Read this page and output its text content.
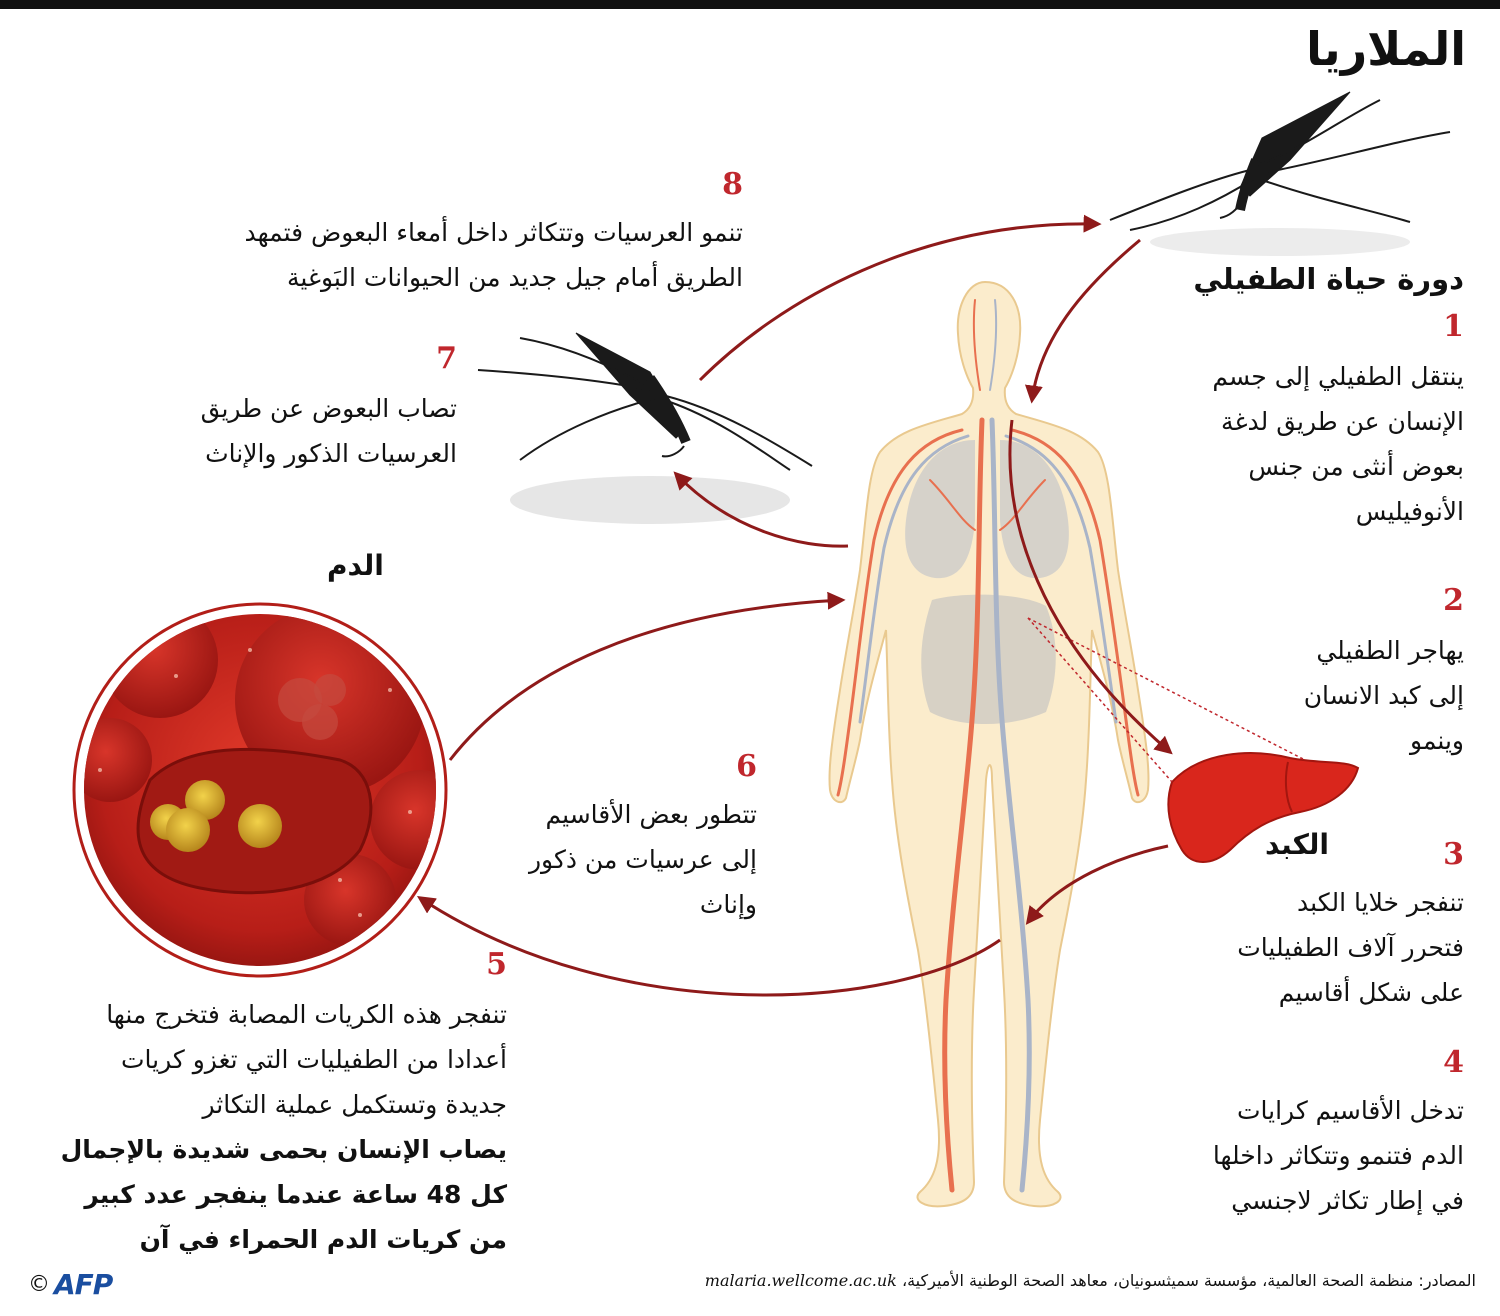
الملاريا
دورة حياة الطفيلي
الدم
الكبد
1

ينتقل الطفيلي إلى جسم
الإنسان عن طريق لدغة
بعوض أنثى من جنس
الأنوفيليس

2

يهاجر الطفيلي
إلى كبد الانسان
وينمو

3

تنفجر خلايا الكبد
فتحرر آلاف الطفيليات
على شكل أقاسيم

4

تدخل الأقاسيم كرايات
الدم فتنمو وتتكاثر داخلها
في إطار تكاثر لاجنسي

5

تنفجر هذه الكريات المصابة فتخرج منها
أعدادا من الطفيليات التي تغزو كريات
جديدة وتستكمل عملية التكاثر

يصاب الإنسان بحمى شديدة بالإجمال
كل 48 ساعة عندما ينفجر عدد كبير
من كريات الدم الحمراء في آن

6

تتطور بعض الأقاسيم
إلى عرسيات من ذكور
وإناث

7

تصاب البعوض عن طريق
العرسيات الذكور والإناث

8

تنمو العرسيات وتتكاثر داخل أمعاء البعوض فتمهد
الطريق أمام جيل جديد من الحيوانات البَوغية

المصادر: منظمة الصحة العالمية، مؤسسة سميثسونيان، معاهد الصحة الوطنية الأميركية، malaria.wellcome.ac.uk
© AFP
